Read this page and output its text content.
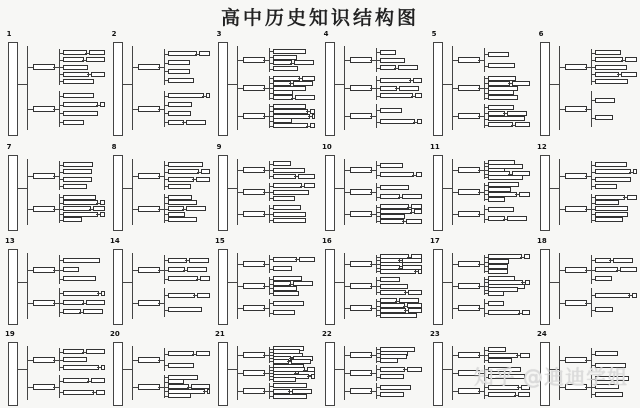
高中历史知识结构图
1	2	3	4	5	6
7	8	9	10	11	12
13	14	15	16	17	18
19	20	21	22	23	24
知乎 @迪迪学姐
